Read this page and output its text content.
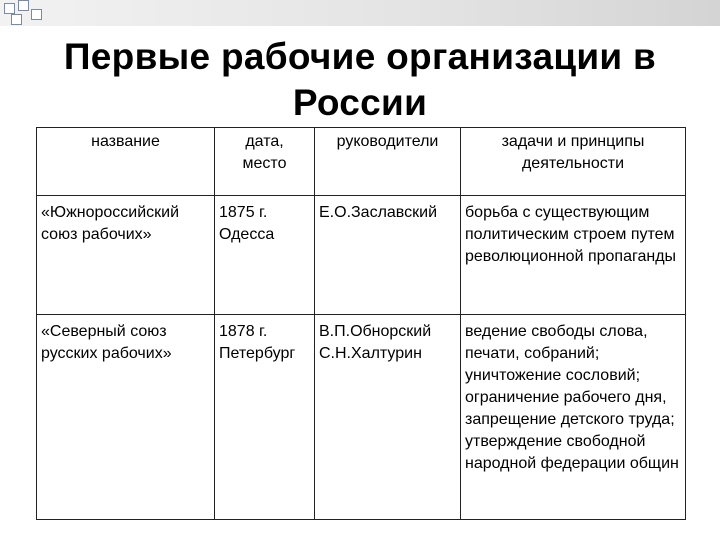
Первые рабочие организации в России
название	дата, место	руководители	задачи и принципы деятельности
«Южнороссийский союз рабочих»	1875 г. Одесса	Е.О.Заславский	борьба с существующим политическим строем путем революционной пропаганды
«Северный союз русских рабочих»	1878 г. Петербург	В.П.Обнорский С.Н.Халтурин	ведение свободы слова, печати, собраний; уничтожение сословий; ограничение рабочего дня, запрещение детского труда; утверждение свободной народной федерации общин
